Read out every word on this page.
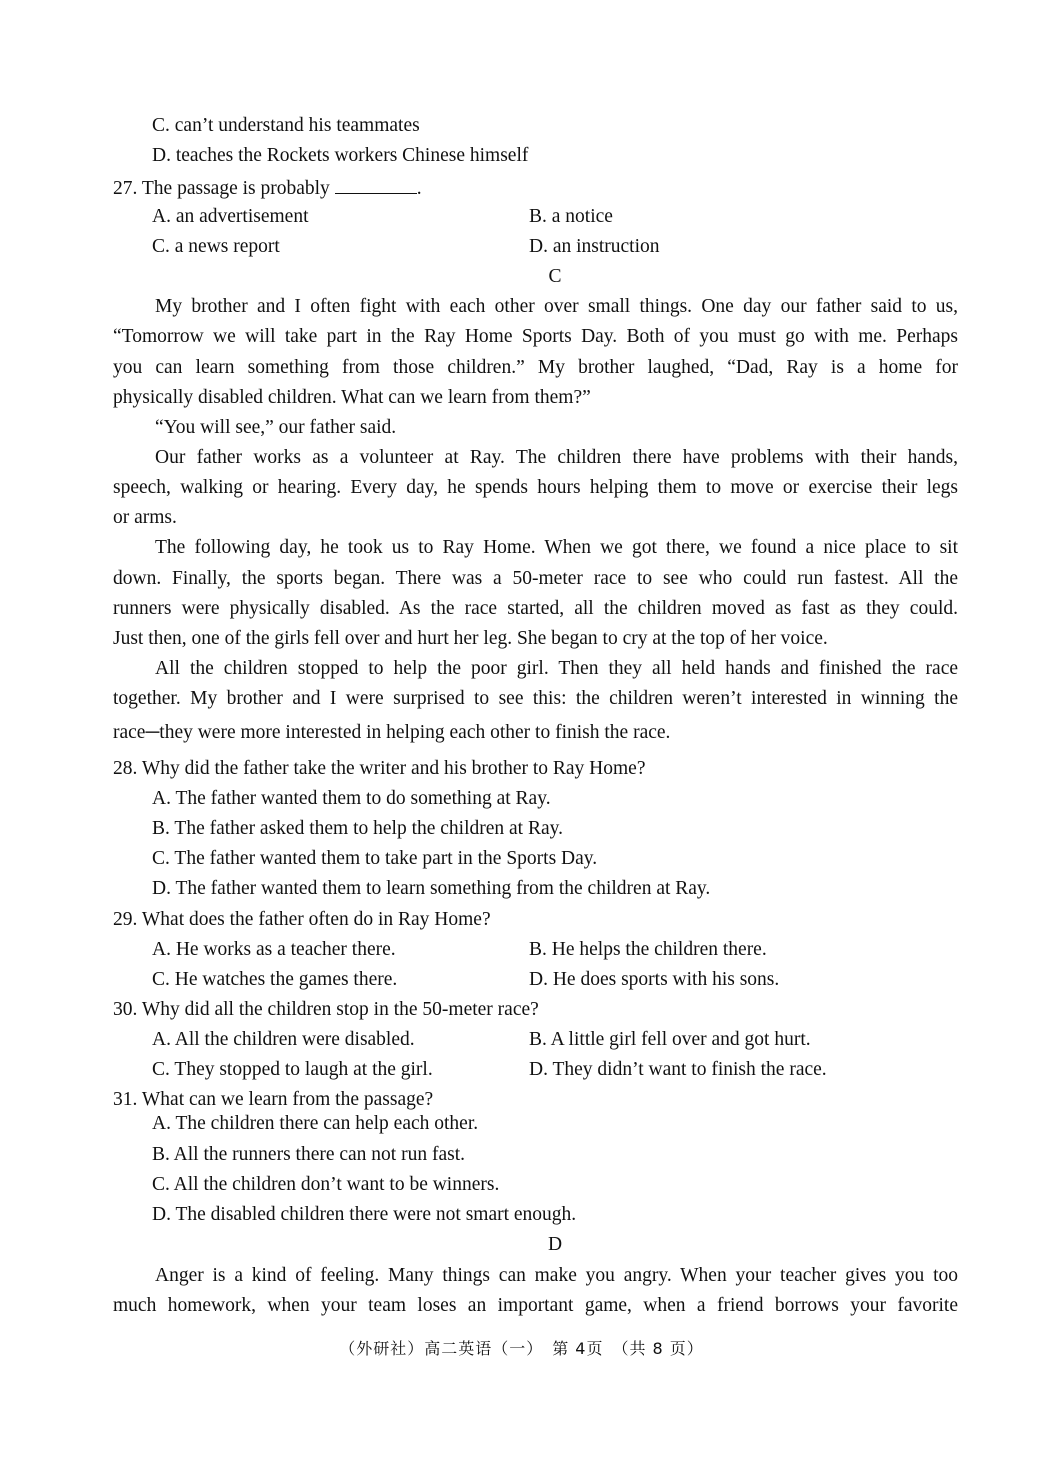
C. can’t understand his teammates
D. teaches the Rockets workers Chinese himself
27. The passage is probably	.
A. an advertisement	B. a notice
C. a news report	D. an instruction
C
My brother and I often fight with each other over small things. One day our father said to us,
“Tomorrow we will take part in the Ray Home Sports Day. Both of you must go with me. Perhaps
you can learn something from those children.” My brother laughed, “Dad, Ray is a home for
physically disabled children. What can we learn from them?”
“You will see,” our father said.
Our father works as a volunteer at Ray. The children there have problems with their hands,
speech, walking or hearing. Every day, he spends hours helping them to move or exercise their legs
or arms.
The following day, he took us to Ray Home. When we got there, we found a nice place to sit
down. Finally, the sports began. There was a 50-meter race to see who could run fastest. All the
runners were physically disabled. As the race started, all the children moved as fast as they could.
Just then, one of the girls fell over and hurt her leg. She began to cry at the top of her voice.
All the children stopped to help the poor girl. Then they all held hands and finished the race
together. My brother and I were surprised to see this: the children weren’t interested in winning the
race─they were more interested in helping each other to finish the race.
28. Why did the father take the writer and his brother to Ray Home?
A. The father wanted them to do something at Ray.
B. The father asked them to help the children at Ray.
C. The father wanted them to take part in the Sports Day.
D. The father wanted them to learn something from the children at Ray.
29. What does the father often do in Ray Home?
A. He works as a teacher there.	B. He helps the children there.
C. He watches the games there.	D. He does sports with his sons.
30. Why did all the children stop in the 50-meter race?
A. All the children were disabled.	B. A little girl fell over and got hurt.
C. They stopped to laugh at the girl.	D. They didn’t want to finish the race.
31. What can we learn from the passage?
A. The children there can help each other.
B. All the runners there can not run fast.
C. All the children don’t want to be winners.
D. The disabled children there were not smart enough.
D
Anger is a kind of feeling. Many things can make you angry. When your teacher gives you too
much homework, when your team loses an important game, when a friend borrows your favorite
（外研社）高二英语（一）　第 4页　（共 8 页）
